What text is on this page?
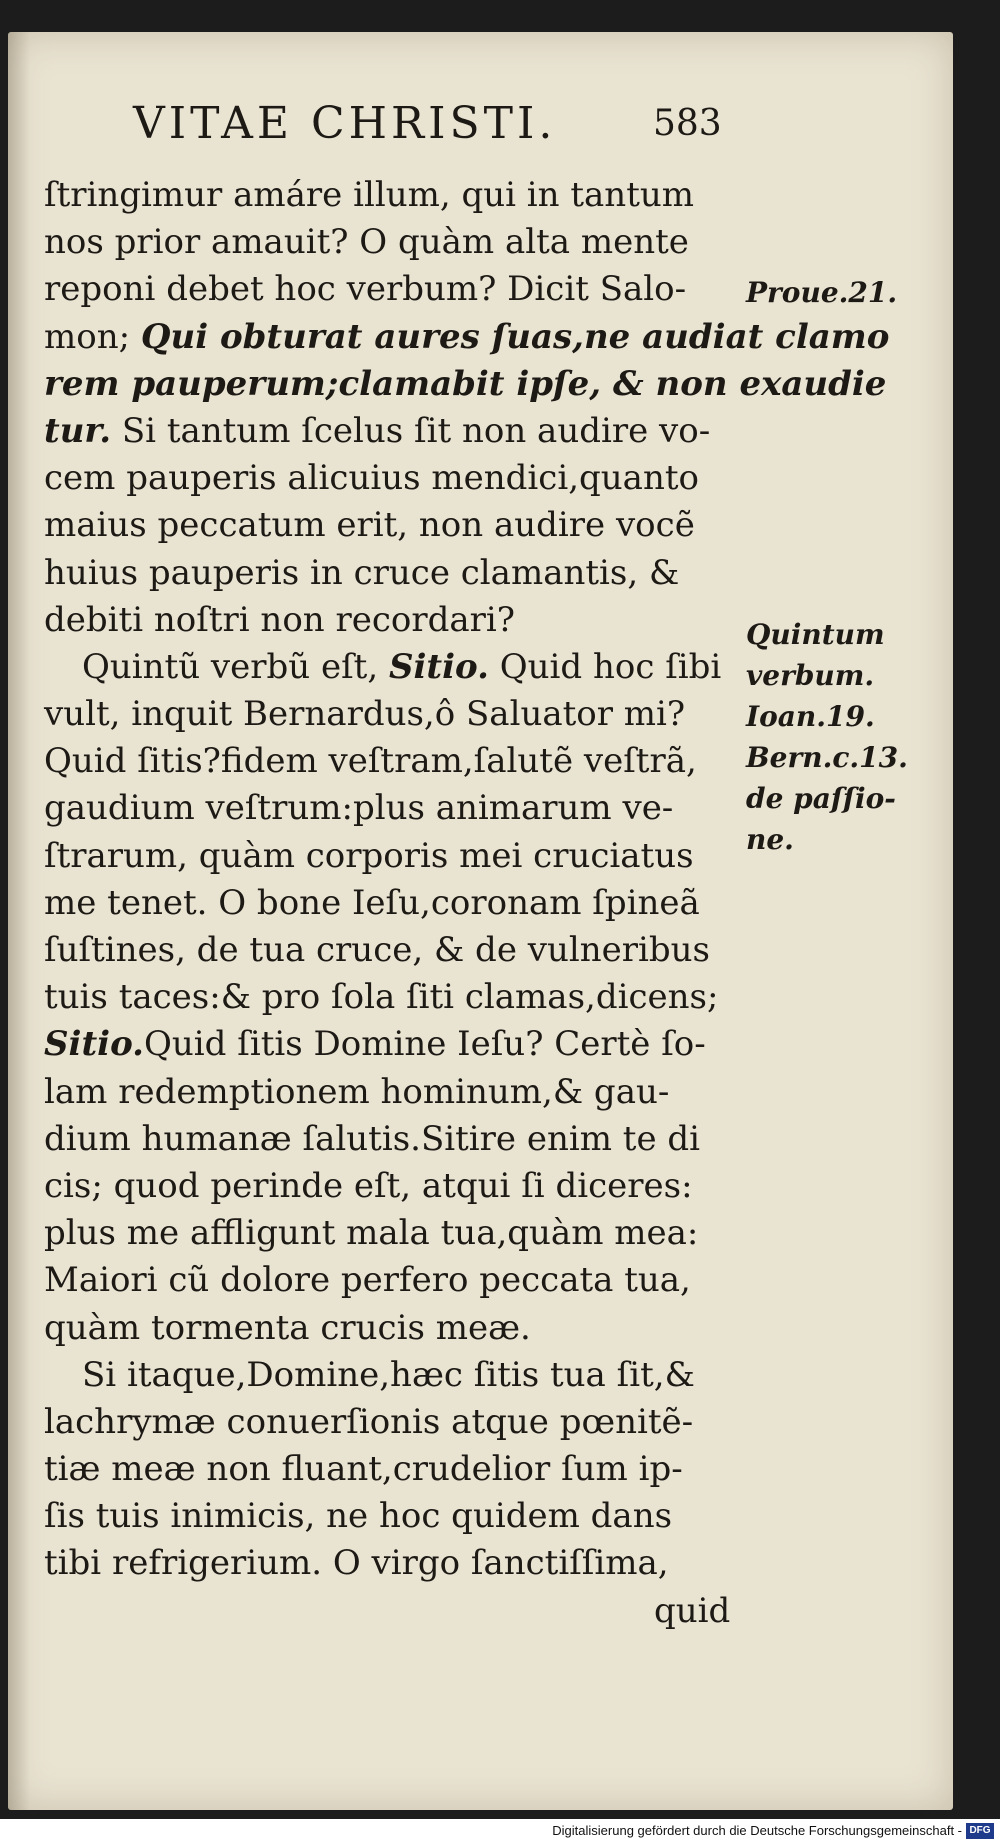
VITAE CHRISTI.	583
ſtringimur amáre illum, qui in tantum
nos prior amauit? O quàm alta mente
reponi debet hoc verbum? Dicit Salo-
mon; Qui obturat aures ſuas,ne audiat clamo
rem pauperum;clamabit ipſe, & non exaudie
tur. Si tantum ſcelus ſit non audire vo-
cem pauperis alicuius mendici,quanto
maius peccatum erit, non audire vocẽ
huius pauperis in cruce clamantis, &
debiti noſtri non recordari?
Quintũ verbũ eſt, Sitio. Quid hoc ſibi
vult, inquit Bernardus,ô Saluator mi?
Quid ſitis?fidem veſtram,ſalutẽ veſtrã,
gaudium veſtrum:plus animarum ve-
ſtrarum, quàm corporis mei cruciatus
me tenet. O bone Ieſu,coronam ſpineã
ſuſtines, de tua cruce, & de vulneribus
tuis taces:& pro ſola ſiti clamas,dicens;
Sitio.Quid ſitis Domine Ieſu? Certè ſo-
lam redemptionem hominum,& gau-
dium humanæ ſalutis.Sitire enim te di
cis; quod perinde eſt, atqui ſi diceres:
plus me affligunt mala tua,quàm mea:
Maiori cũ dolore perfero peccata tua,
quàm tormenta crucis meæ.
Si itaque,Domine,hæc ſitis tua ſit,&
lachrymæ conuerſionis atque pœnitẽ-
tiæ meæ non fluant,crudelior ſum ip-
ſis tuis inimicis, ne hoc quidem dans
tibi refrigerium. O virgo ſanctiſſima,
quid
Proue.21.
Quintum
verbum.
Ioan.19.
Bern.c.13.
de paſſio-
ne.
Digitalisierung gefördert durch die Deutsche Forschungsgemeinschaft - DFG
